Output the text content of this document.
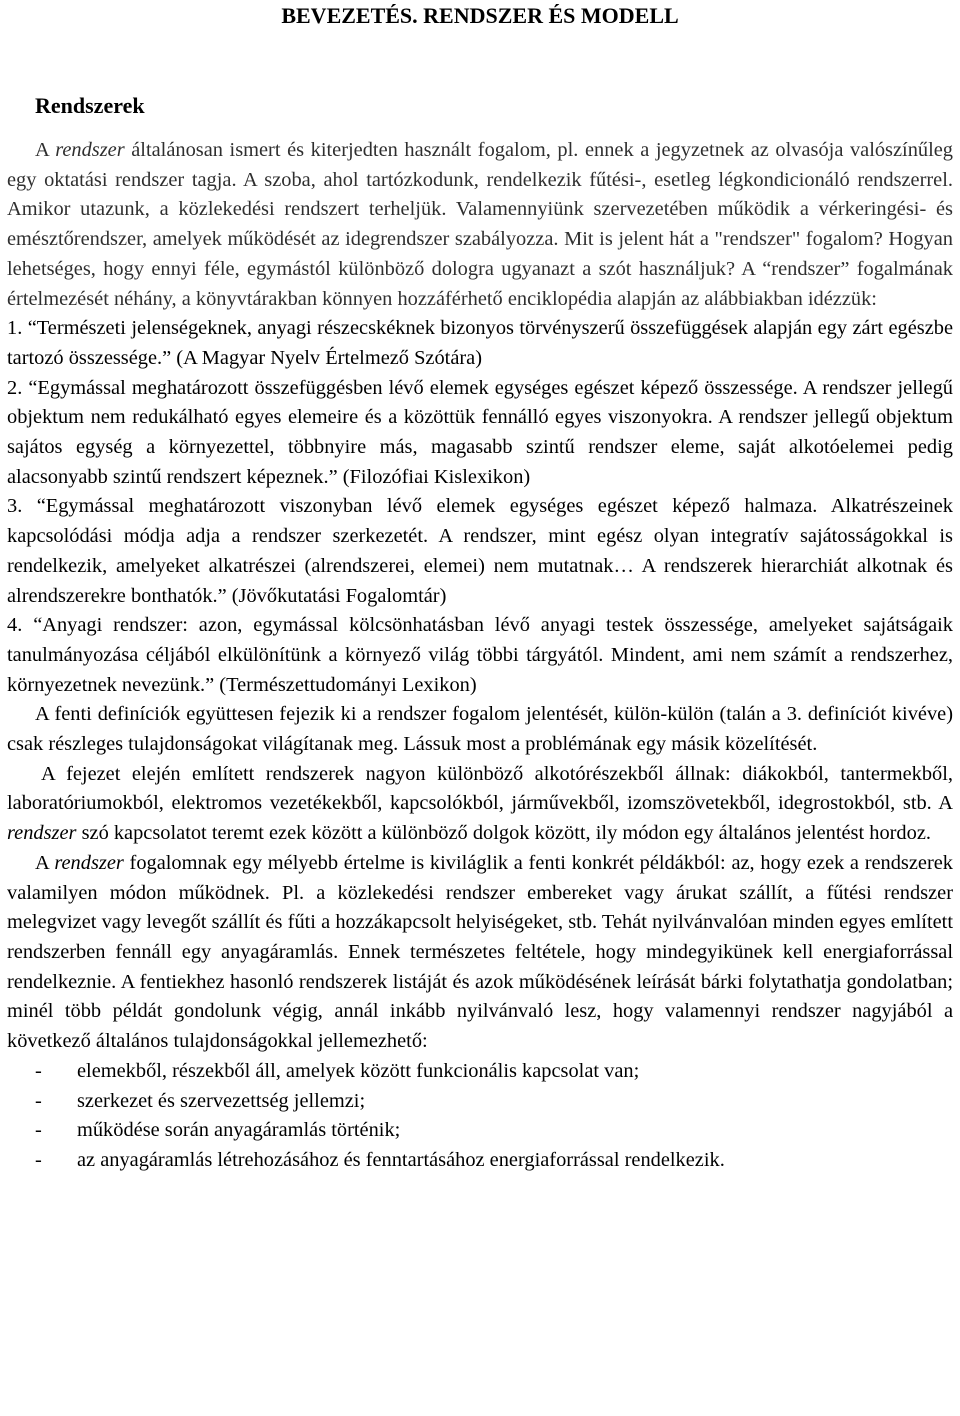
BEVEZETÉS. RENDSZER ÉS MODELL
Rendszerek

A rendszer általánosan ismert és kiterjedten használt fogalom, pl. ennek a jegyzetnek az olvasója valószínűleg egy oktatási rendszer tagja. A szoba, ahol tartózkodunk, rendelkezik fűtési-, esetleg légkondicionáló rendszerrel. Amikor utazunk, a közlekedési rendszert terheljük. Valamennyiünk szervezetében működik a vérkeringési- és emésztőrendszer, amelyek működését az idegrendszer szabályozza. Mit is jelent hát a "rendszer" fogalom? Hogyan lehetséges, hogy ennyi féle, egymástól különböző dologra ugyanazt a szót használjuk? A “rendszer” fogalmának értelmezését néhány, a könyvtárakban könnyen hozzáférhető enciklopédia alapján az alábbiakban idézzük:

1. “Természeti jelenségeknek, anyagi részecskéknek bizonyos törvényszerű összefüggések alapján egy zárt egészbe tartozó összessége.” (A Magyar Nyelv Értelmező Szótára)

2. “Egymással meghatározott összefüggésben lévő elemek egységes egészet képező összessége. A rendszer jellegű objektum nem redukálható egyes elemeire és a közöttük fennálló egyes viszonyokra. A rendszer jellegű objektum sajátos egység a környezettel, többnyire más, magasabb szintű rendszer eleme, saját alkotóelemei pedig alacsonyabb szintű rendszert képeznek.” (Filozófiai Kislexikon)

3. “Egymással meghatározott viszonyban lévő elemek egységes egészet képező halmaza. Alkatrészeinek kapcsolódási módja adja a rendszer szerkezetét. A rendszer, mint egész olyan integratív sajátosságokkal is rendelkezik, amelyeket alkatrészei (alrendszerei, elemei) nem mutatnak… A rendszerek hierarchiát alkotnak és alrendszerekre bonthatók.” (Jövőkutatási Fogalomtár)

4. “Anyagi rendszer: azon, egymással kölcsönhatásban lévő anyagi testek összessége, amelyeket sajátságaik tanulmányozása céljából elkülönítünk a környező világ többi tárgyától. Mindent, ami nem számít a rendszerhez, környezetnek nevezünk.” (Természettudományi Lexikon)

A fenti definíciók együttesen fejezik ki a rendszer fogalom jelentését, külön-külön (talán a 3. definíciót kivéve) csak részleges tulajdonságokat világítanak meg. Lássuk most a problémának egy másik közelítését.

A fejezet elején említett rendszerek nagyon különböző alkotórészekből állnak: diákokból, tantermekből, laboratóriumokból, elektromos vezetékekből, kapcsolókból, járművekből, izomszövetekből, idegrostokból, stb. A rendszer szó kapcsolatot teremt ezek között a különböző dolgok között, ily módon egy általános jelentést hordoz.

A rendszer fogalomnak egy mélyebb értelme is kiviláglik a fenti konkrét példákból: az, hogy ezek a rendszerek valamilyen módon működnek. Pl. a közlekedési rendszer embereket vagy árukat szállít, a fűtési rendszer melegvizet vagy levegőt szállít és fűti a hozzákapcsolt helyiségeket, stb. Tehát nyilvánvalóan minden egyes említett rendszerben fennáll egy anyagáramlás. Ennek természetes feltétele, hogy mindegyikünek kell energiaforrással rendelkeznie. A fentiekhez hasonló rendszerek listáját és azok működésének leírását bárki folytathatja gondolatban; minél több példát gondolunk végig, annál inkább nyilvánvaló lesz, hogy valamennyi rendszer nagyjából a következő általános tulajdonságokkal jellemezhető:

- elemekből, részekből áll, amelyek között funkcionális kapcsolat van;
- szerkezet és szervezettség jellemzi;
- működése során anyagáramlás történik;
- az anyagáramlás létrehozásához és fenntartásához energiaforrással rendelkezik.
